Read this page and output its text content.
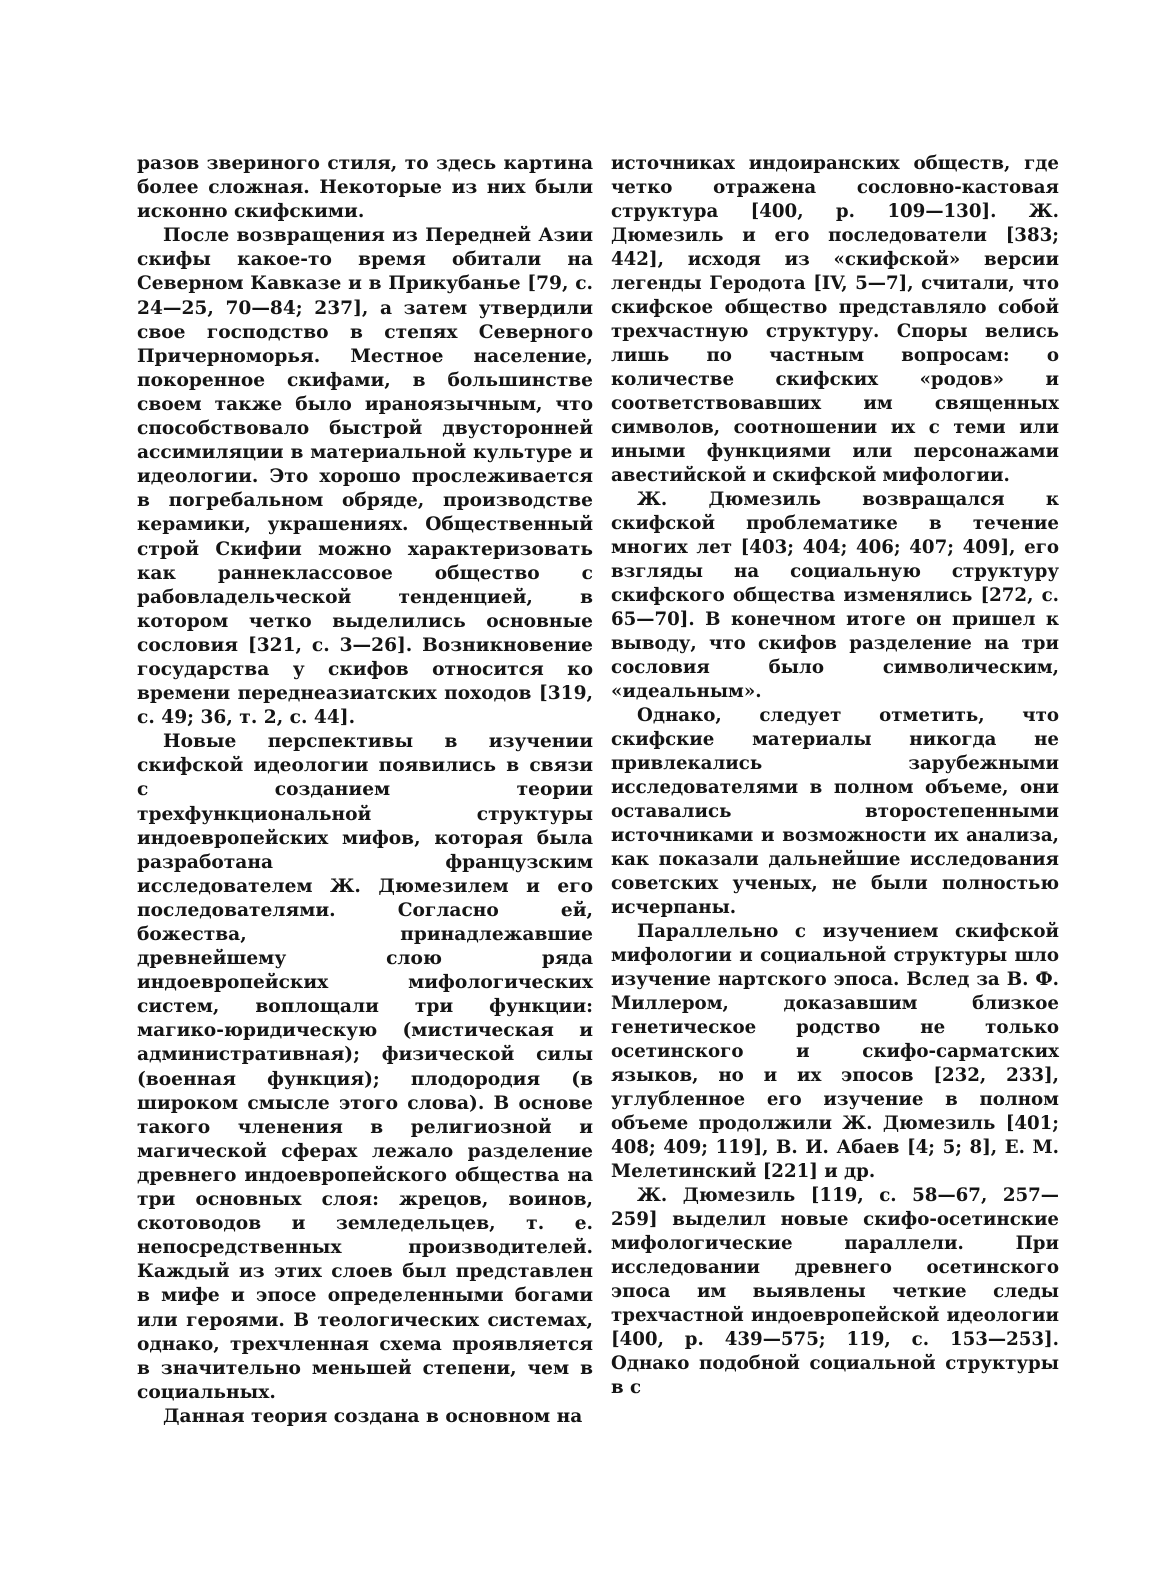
разов звериного стиля, то здесь картина более сложная. Некоторые из них были исконно скифскими.

После возвращения из Передней Азии скифы какое-то время обитали на Северном Кавказе и в Прикубанье [79, с. 24—25, 70—84; 237], а затем утвердили свое господство в степях Северного Причерноморья. Местное население, покоренное скифами, в большинстве своем также было ираноязычным, что способствовало быстрой двусторонней ассимиляции в материальной культуре и идеологии. Это хорошо прослеживается в погребальном обряде, производстве керамики, украшениях. Общественный строй Скифии можно характеризовать как раннеклассовое общество с рабовладельческой тенденцией, в котором четко выделились основные сословия [321, с. 3—26]. Возникновение государства у скифов относится ко времени переднеазиатских походов [319, с. 49; 36, т. 2, с. 44].

Новые перспективы в изучении скифской идеологии появились в связи с созданием теории трехфункциональной структуры индоевропейских мифов, которая была разработана французским исследователем Ж. Дюмезилем и его последователями. Согласно ей, божества, принадлежавшие древнейшему слою ряда индоевропейских мифологических систем, воплощали три функции: магико-юридическую (мистическая и административная); физической силы (военная функция); плодородия (в широком смысле этого слова). В основе такого членения в религиозной и магической сферах лежало разделение древнего индоевропейского общества на три основных слоя: жрецов, воинов, скотоводов и земледельцев, т. е. непосредственных производителей. Каждый из этих слоев был представлен в мифе и эпосе определенными богами или героями. В теологических системах, однако, трехчленная схема проявляется в значительно меньшей степени, чем в социальных.

Данная теория создана в основном на

источниках индоиранских обществ, где четко отражена сословно-кастовая структура [400, р. 109—130]. Ж. Дюмезиль и его последователи [383; 442], исходя из «скифской» версии легенды Геродота [IV, 5—7], считали, что скифское общество представляло собой трехчастную структуру. Споры велись лишь по частным вопросам: о количестве скифских «родов» и соответствовавших им священных символов, соотношении их с теми или иными функциями или персонажами авестийской и скифской мифологии.

Ж. Дюмезиль возвращался к скифской проблематике в течение многих лет [403; 404; 406; 407; 409], его взгляды на социальную структуру скифского общества изменялись [272, с. 65—70]. В конечном итоге он пришел к выводу, что скифов разделение на три сословия было символическим, «идеальным».

Однако, следует отметить, что скифские материалы никогда не привлекались зарубежными исследователями в полном объеме, они оставались второстепенными источниками и возможности их анализа, как показали дальнейшие исследования советских ученых, не были полностью исчерпаны.

Параллельно с изучением скифской мифологии и социальной структуры шло изучение нартского эпоса. Вслед за В. Ф. Миллером, доказавшим близкое генетическое родство не только осетинского и скифо-сарматских языков, но и их эпосов [232, 233], углубленное его изучение в полном объеме продолжили Ж. Дюмезиль [401; 408; 409; 119], В. И. Абаев [4; 5; 8], Е. М. Мелетинский [221] и др.

Ж. Дюмезиль [119, с. 58—67, 257—259] выделил новые скифо-осетинские мифологические параллели. При исследовании древнего осетинского эпоса им выявлены четкие следы трехчастной индоевропейской идеологии [400, р. 439—575; 119, с. 153—253]. Однако подобной социальной структуры в с
